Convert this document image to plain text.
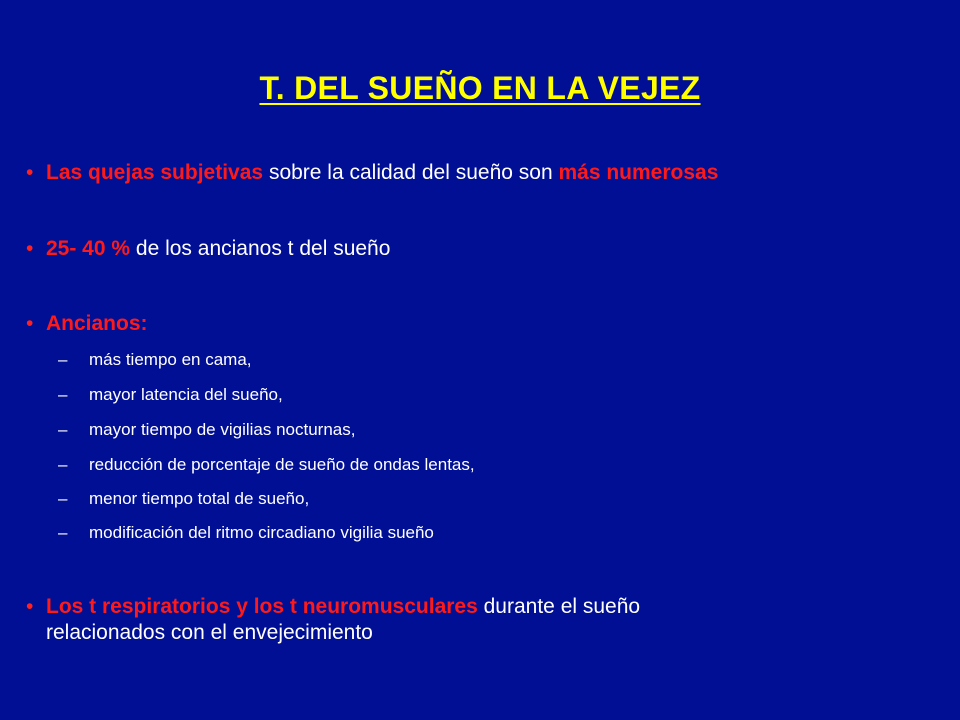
T. DEL SUEÑO EN LA VEJEZ
• Las quejas subjetivas sobre la calidad del sueño son más numerosas
• 25- 40 % de los ancianos t del sueño
• Ancianos:
– más tiempo en cama,
– mayor latencia del sueño,
– mayor tiempo de vigilias nocturnas,
– reducción de porcentaje de sueño de ondas lentas,
– menor tiempo total de sueño,
– modificación del ritmo circadiano vigilia sueño
• Los t respiratorios y los t neuromusculares durante el sueño
relacionados con el envejecimiento
